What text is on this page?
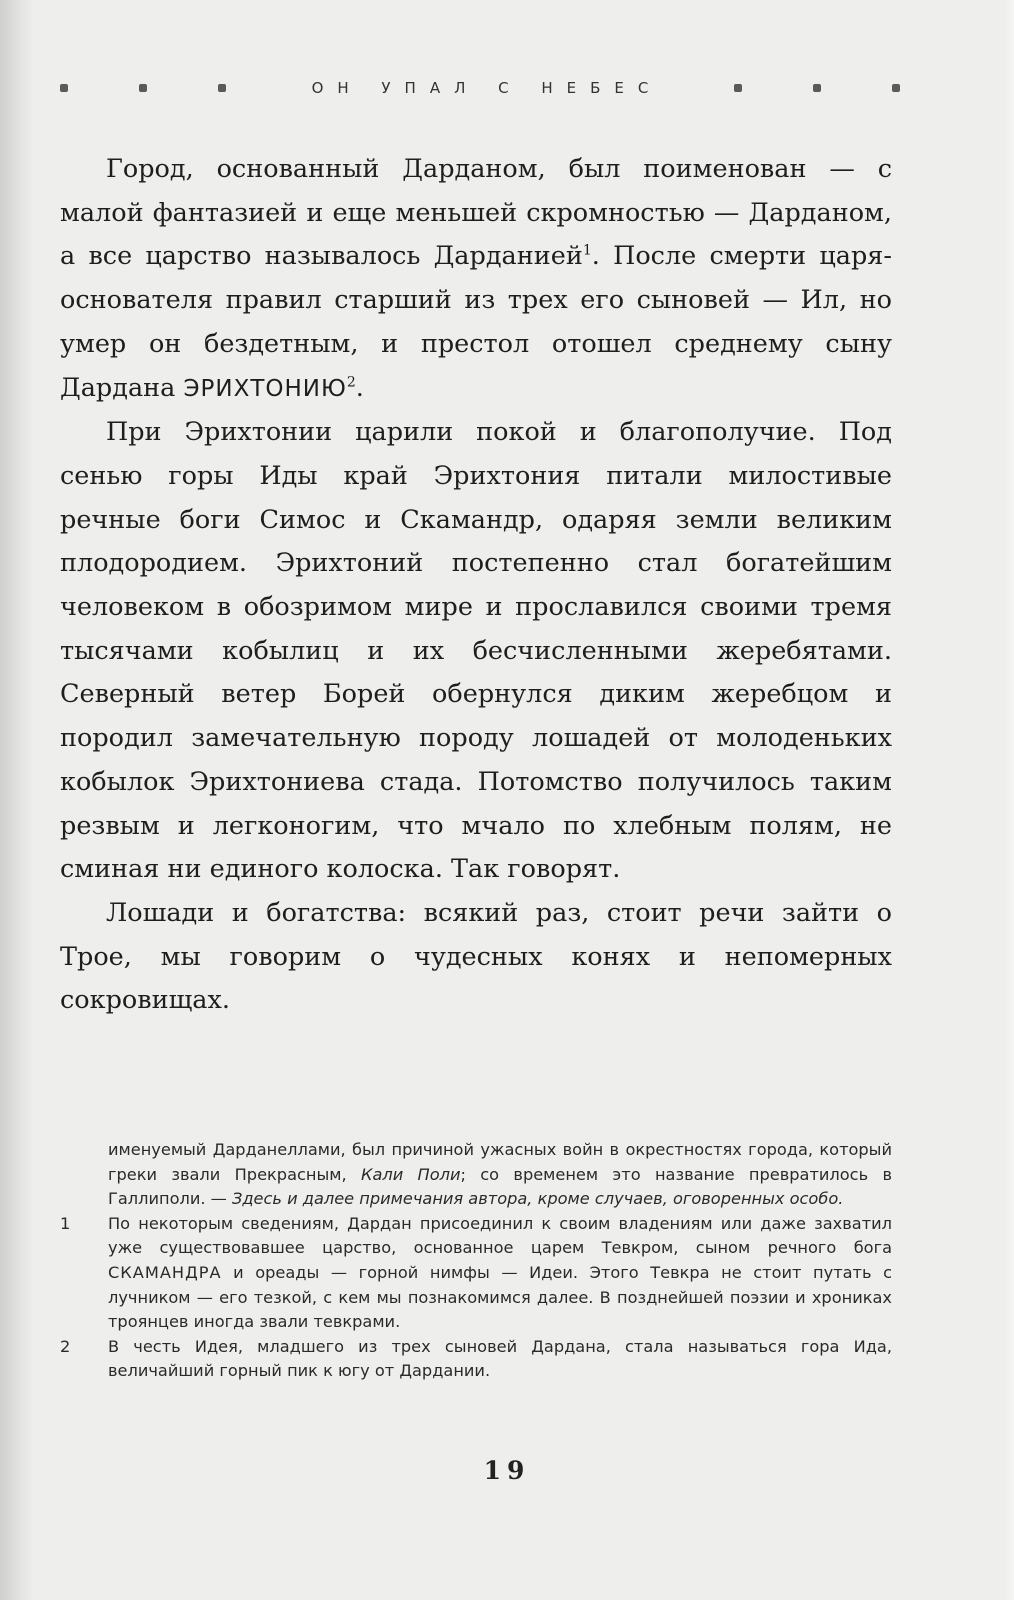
ОН УПАЛ С НЕБЕС

Город, основанный Дарданом, был поименован — с малой фантазией и еще меньшей скромностью — Дарданом, а все царство называлось Дарданией$^1$. После смерти царя-основателя правил старший из трех его сыновей — Ил, но умер он бездетным, и престол отошел среднему сыну Дардана ЭРИХТОНИЮ$^2$.

При Эрихтонии царили покой и благополучие. Под сенью горы Иды край Эрихтония питали милостивые речные боги Симос и Скамандр, одаряя земли великим плодородием. Эрихтоний постепенно стал богатейшим человеком в обозримом мире и прославился своими тремя тысячами кобылиц и их бесчисленными жеребятами. Северный ветер Борей обернулся диким жеребцом и породил замечательную породу лошадей от молоденьких кобылок Эрихтониева стада. Потомство получилось таким резвым и легконогим, что мчало по хлебным полям, не сминая ни единого колоска. Так говорят.

Лошади и богатства: всякий раз, стоит речи зайти о Трое, мы говорим о чудесных конях и непомерных сокровищах.

именуемый Дарданеллами, был причиной ужасных войн в окрестностях города, который греки звали Прекрасным, Кали Поли; со временем это название превратилось в Галлиполи. — Здесь и далее примечания автора, кроме случаев, оговоренных особо.
1	По некоторым сведениям, Дардан присоединил к своим владениям или даже захватил уже существовавшее царство, основанное царем Тевкром, сыном речного бога СКАМАНДРА и ореады — горной нимфы — Идеи. Этого Тевкра не стоит путать с лучником — его тезкой, с кем мы познакомимся далее. В позднейшей поэзии и хрониках троянцев иногда звали тевкрами.
2	В честь Идея, младшего из трех сыновей Дардана, стала называться гора Ида, величайший горный пик к югу от Дардании.
19
